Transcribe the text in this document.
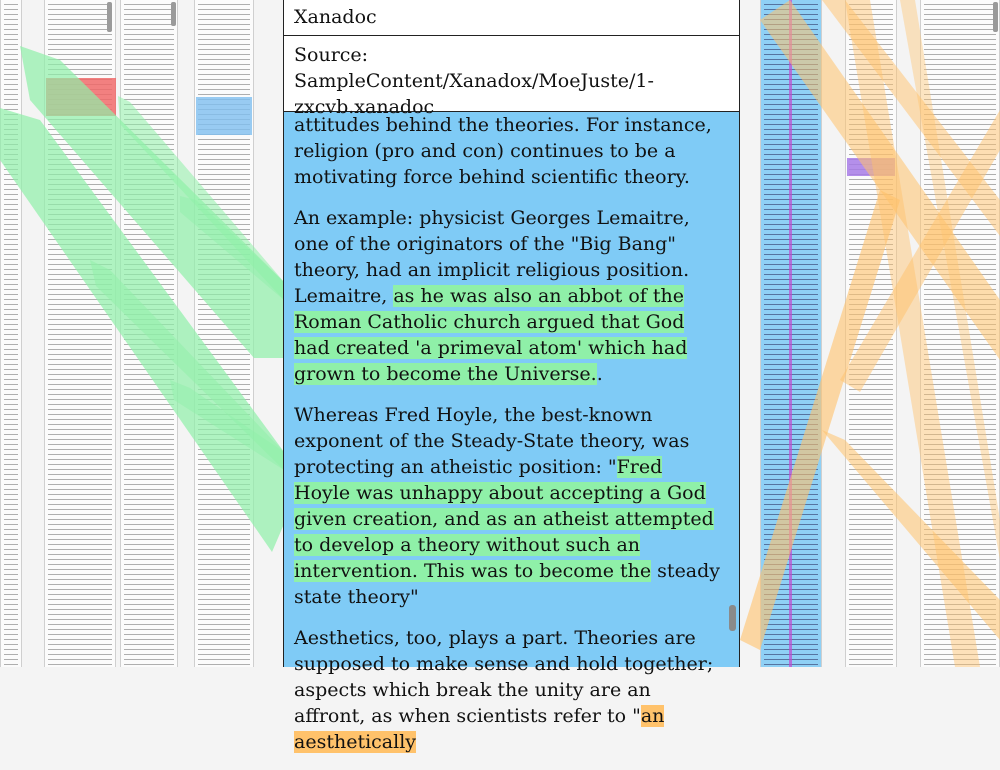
Xanadoc
Source: SampleContent/Xanadox/MoeJuste/1-zxcvb.xanadoc

attitudes behind the theories. For instance, religion (pro and con) continues to be a motivating force behind scientific theory.

An example: physicist Georges Lemaitre, one of the originators of the "Big Bang" theory, had an implicit religious position. Lemaitre, as he was also an abbot of the Roman Catholic church argued that God had created 'a primeval atom' which had grown to become the Universe..

Whereas Fred Hoyle, the best-known exponent of the Steady-State theory, was protecting an atheistic position: "Fred Hoyle was unhappy about accepting a God given creation, and as an atheist attempted to develop a theory without such an intervention. This was to become the steady state theory"

Aesthetics, too, plays a part. Theories are supposed to make sense and hold together; aspects which break the unity are an affront, as when scientists refer to "an aesthetically
